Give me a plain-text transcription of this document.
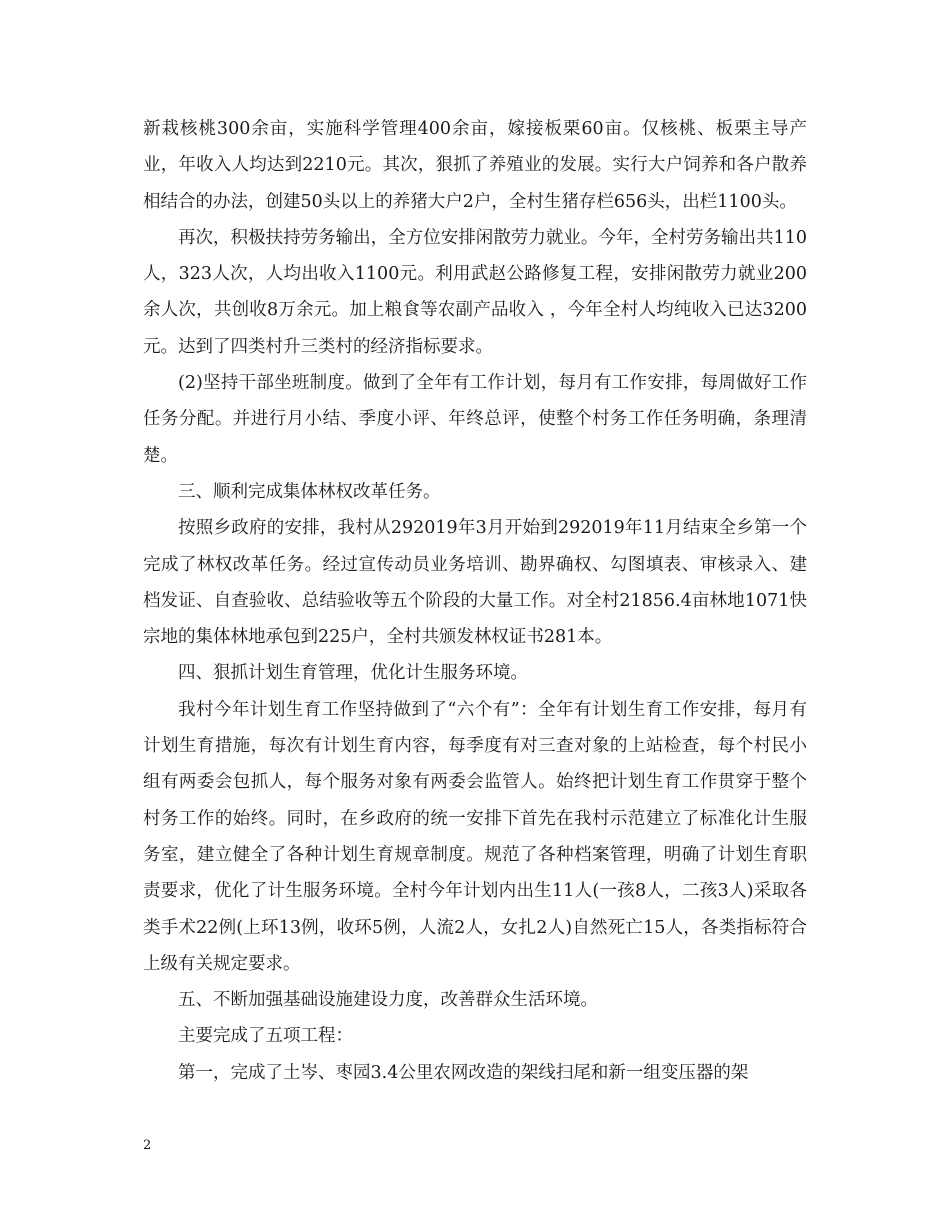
新栽核桃300余亩，实施科学管理400余亩，嫁接板栗60亩。仅核桃、板栗主导产业，年收入人均达到2210元。其次，狠抓了养殖业的发展。实行大户饲养和各户散养相结合的办法，创建50头以上的养猪大户2户，全村生猪存栏656头，出栏1100头。

再次，积极扶持劳务输出，全方位安排闲散劳力就业。今年，全村劳务输出共110人，323人次，人均出收入1100元。利用武赵公路修复工程，安排闲散劳力就业200余人次，共创收8万余元。加上粮食等农副产品收入 ，今年全村人均纯收入已达3200元。达到了四类村升三类村的经济指标要求。

(2)坚持干部坐班制度。做到了全年有工作计划，每月有工作安排，每周做好工作任务分配。并进行月小结、季度小评、年终总评，使整个村务工作任务明确，条理清楚。

三、顺利完成集体林权改革任务。

按照乡政府的安排，我村从292019年3月开始到292019年11月结束全乡第一个完成了林权改革任务。经过宣传动员业务培训、勘界确权、勾图填表、审核录入、建档发证、自查验收、总结验收等五个阶段的大量工作。对全村21856.4亩林地1071快宗地的集体林地承包到225户，全村共颁发林权证书281本。

四、狠抓计划生育管理，优化计生服务环境。

我村今年计划生育工作坚持做到了“六个有”：全年有计划生育工作安排，每月有计划生育措施，每次有计划生育内容，每季度有对三查对象的上站检查，每个村民小组有两委会包抓人，每个服务对象有两委会监管人。始终把计划生育工作贯穿于整个村务工作的始终。同时，在乡政府的统一安排下首先在我村示范建立了标准化计生服务室，建立健全了各种计划生育规章制度。规范了各种档案管理，明确了计划生育职责要求，优化了计生服务环境。全村今年计划内出生11人(一孩8人，二孩3人)采取各类手术22例(上环13例，收环5例，人流2人，女扎2人)自然死亡15人，各类指标符合上级有关规定要求。

五、不断加强基础设施建设力度，改善群众生活环境。

主要完成了五项工程：

第一，完成了土岑、枣园3.4公里农网改造的架线扫尾和新一组变压器的架

2
